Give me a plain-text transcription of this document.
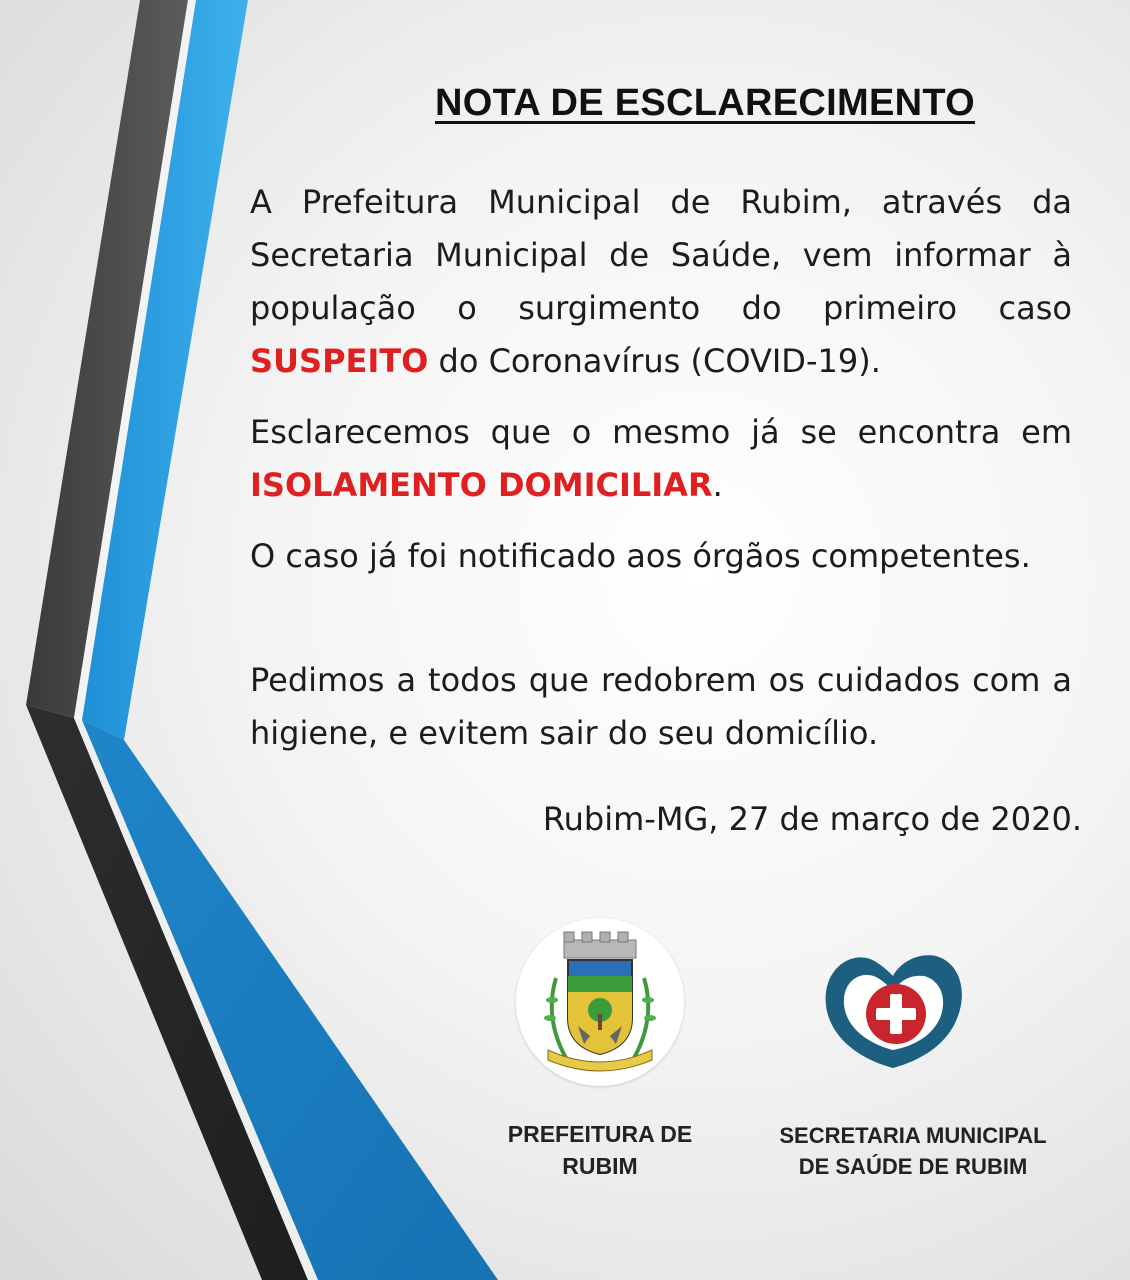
NOTA DE ESCLARECIMENTO

A Prefeitura Municipal de Rubim, através da Secretaria Municipal de Saúde, vem informar à população o surgimento do primeiro caso SUSPEITO do Coronavírus (COVID-19).

Esclarecemos que o mesmo já se encontra em ISOLAMENTO DOMICILIAR.

O caso já foi notificado aos órgãos competentes.

Pedimos a todos que redobrem os cuidados com a higiene, e evitem sair do seu domicílio.

Rubim-MG, 27 de março de 2020.
PREFEITURA DE
RUBIM
SECRETARIA MUNICIPAL
DE SAÚDE DE RUBIM
